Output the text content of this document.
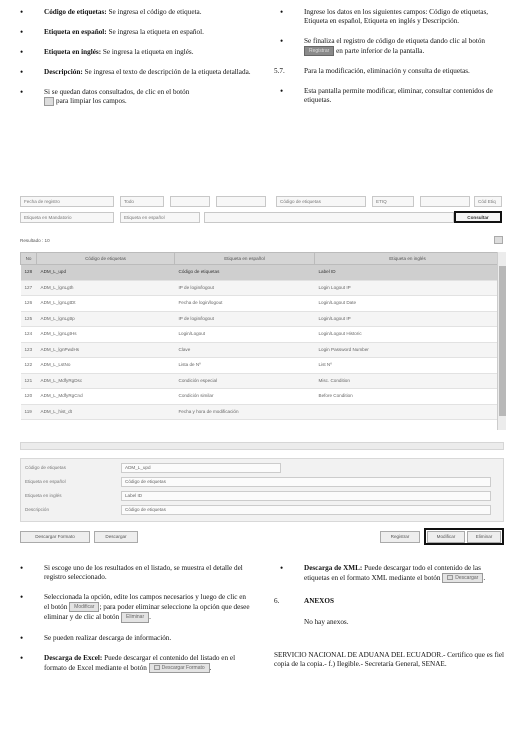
• Código de etiquetas: Se ingresa el código de etiqueta.
• Etiqueta en español: Se ingresa la etiqueta en español.
• Etiqueta en inglés: Se ingresa la etiqueta en inglés.
• Descripción: Se ingresa el texto de descripción de la etiqueta detallada.
• Si se quedan datos consultados, de clic en el botón
para limpiar los campos.
• Ingrese los datos en los siguientes campos: Código de etiquetas, Etiqueta en español, Etiqueta en inglés y Descripción.
• Se finaliza el registro de código de etiqueta dando clic al botón Registrar en parte inferior de la pantalla.
5.7.	Para la modificación, eliminación y consulta de etiquetas.
• Esta pantalla permite modificar, eliminar, consultar contenidos de etiquetas.
Fecha de registro	Todo	Código de etiquetas	ETIQ	Cód Etiq
Etiqueta en Mandatorio	Etiqueta en español	Consultar
Resultado : 10
No	Código de etiquetas	Etiqueta en español	Etiqueta en inglés
128	ADM_L_upd	Código de etiquetas	Label ID
127	ADM_L_lgnLgth	IP de login/logout	Login Logout IP
126	ADM_L_lgnLgtDt	Fecha de login/logout	Login/Logout Date
125	ADM_L_lgnLgtIp	IP de login/logout	Login/Logout IP
124	ADM_L_lgnLgtHs	Login/Logout	Login/Logout Historic
123	ADM_L_lgnPwdHs	Clave	Login Password Number
122	ADM_L_LstNo	Lista de Nº	List Nº
121	ADM_L_MdfyRgDsc	Condición especial	Misc. Condition
120	ADM_L_MdfyRgCnd	Condición similar	Before Condition
119	ADM_L_hist_dt	Fecha y hora de modificación	
Código de etiquetas	ADM_L_upd
Etiqueta en español	Código de etiquetas
Etiqueta en inglés	Label ID
Descripción	Código de etiquetas
Descargar Formato	Descargar	Registrar	Modificar	Eliminar
• Si escoge uno de los resultados en el listado, se muestra el detalle del registro seleccionado.
• Seleccionada la opción, edite los campos necesarios y luego de clic en el botón Modificar ; para poder eliminar seleccione la opción que desee eliminar y de clic al botón Eliminar .
• Se pueden realizar descarga de información.
• Descarga de Excel: Puede descargar el contenido del listado en el formato de Excel mediante el botón	Descargar Formato .
• Descarga de XML: Puede descargar todo el contenido de las etiquetas en el formato XML mediante el botón	Descargar .
6.	ANEXOS
No hay anexos.
SERVICIO NACIONAL DE ADUANA DEL ECUADOR.- Certifico que es fiel copia de la copia.- f.) Ilegible.- Secretaría General, SENAE.
